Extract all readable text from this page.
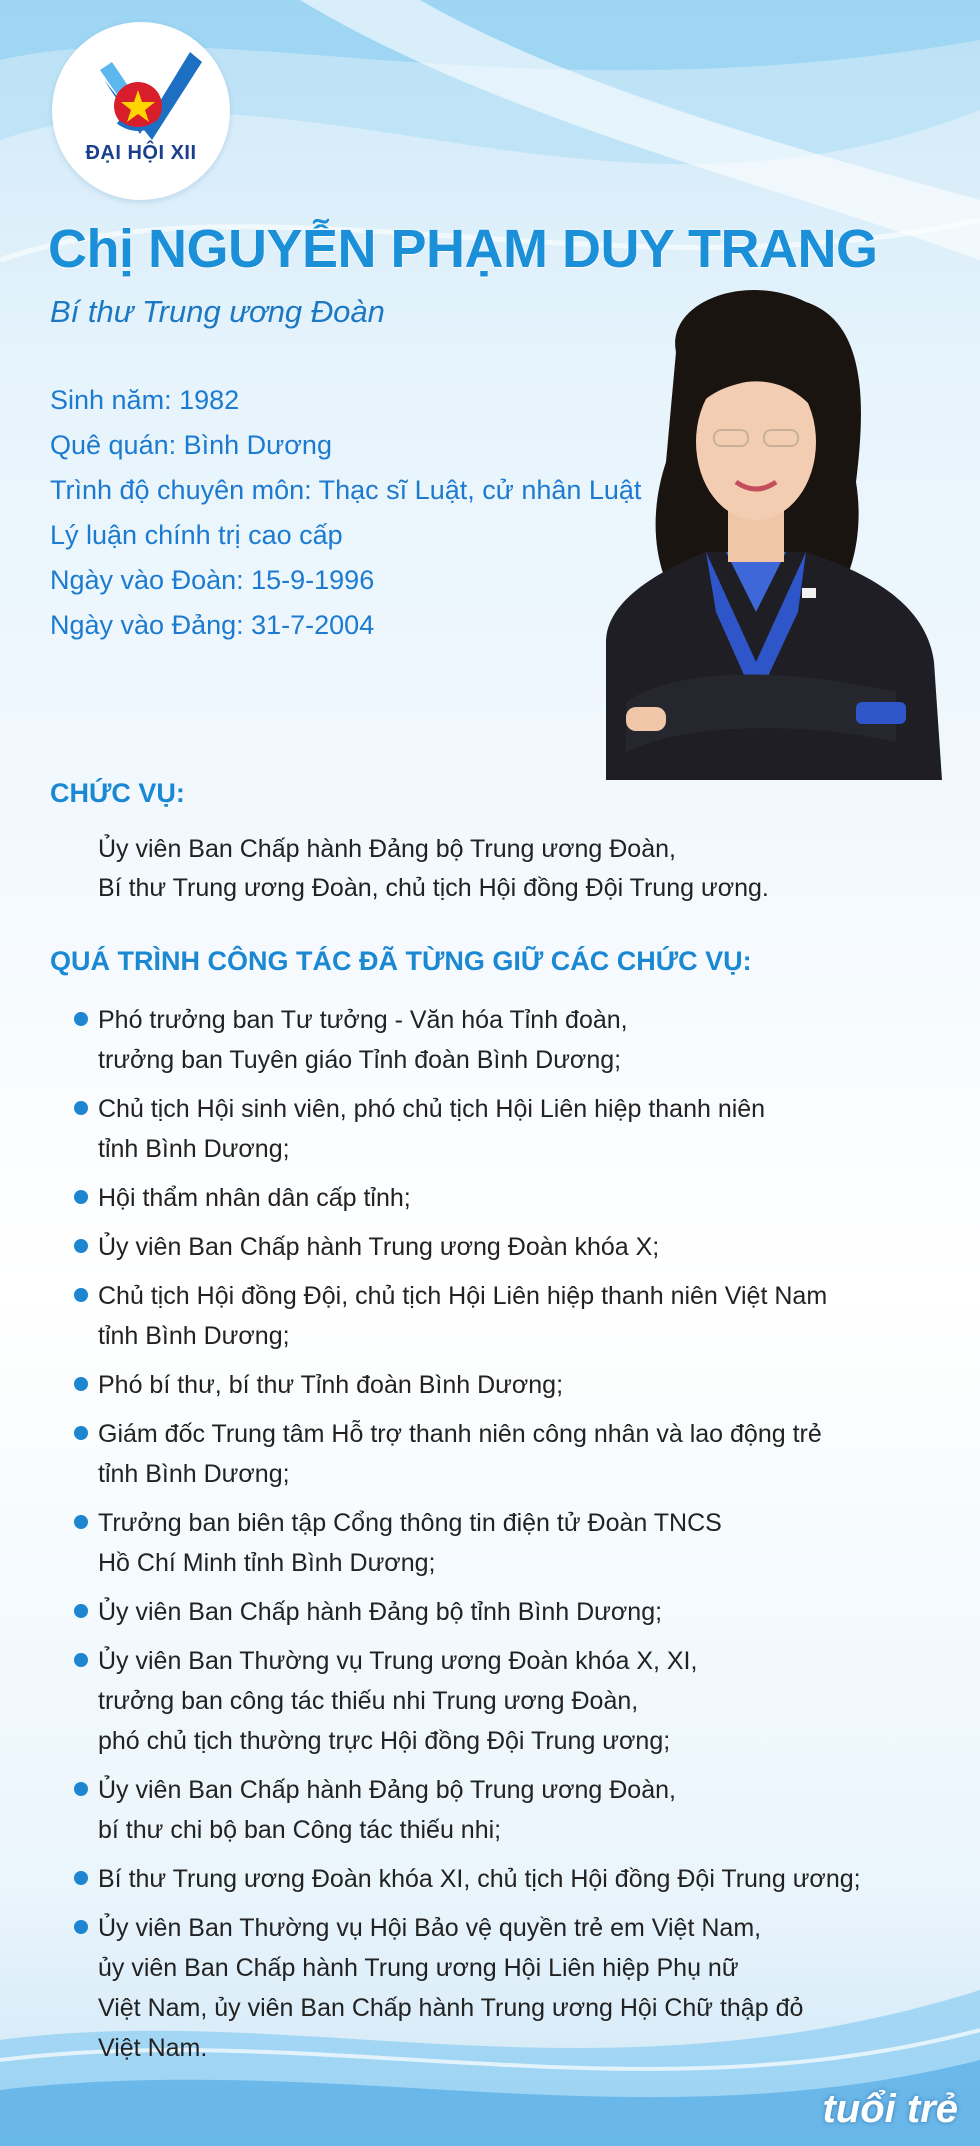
ĐẠI HỘI XII
Chị NGUYỄN PHẠM DUY TRANG
Bí thư Trung ương Đoàn
Sinh năm: 1982
Quê quán: Bình Dương
Trình độ chuyên môn: Thạc sĩ Luật, cử nhân Luật
Lý luận chính trị cao cấp
Ngày vào Đoàn: 15-9-1996
Ngày vào Đảng: 31-7-2004
CHỨC VỤ:
Ủy viên Ban Chấp hành Đảng bộ Trung ương Đoàn,
Bí thư Trung ương Đoàn, chủ tịch Hội đồng Đội Trung ương.
QUÁ TRÌNH CÔNG TÁC ĐÃ TỪNG GIỮ CÁC CHỨC VỤ:
Phó trưởng ban Tư tưởng - Văn hóa Tỉnh đoàn,
trưởng ban Tuyên giáo Tỉnh đoàn Bình Dương;
Chủ tịch Hội sinh viên, phó chủ tịch Hội Liên hiệp thanh niên
tỉnh Bình Dương;
Hội thẩm nhân dân cấp tỉnh;
Ủy viên Ban Chấp hành Trung ương Đoàn khóa X;
Chủ tịch Hội đồng Đội, chủ tịch Hội Liên hiệp thanh niên Việt Nam
tỉnh Bình Dương;
Phó bí thư, bí thư Tỉnh đoàn Bình Dương;
Giám đốc Trung tâm Hỗ trợ thanh niên công nhân và lao động trẻ
tỉnh Bình Dương;
Trưởng ban biên tập Cổng thông tin điện tử Đoàn TNCS
Hồ Chí Minh tỉnh Bình Dương;
Ủy viên Ban Chấp hành Đảng bộ tỉnh Bình Dương;
Ủy viên Ban Thường vụ Trung ương Đoàn khóa X, XI,
trưởng ban công tác thiếu nhi Trung ương Đoàn,
phó chủ tịch thường trực Hội đồng Đội Trung ương;
Ủy viên Ban Chấp hành Đảng bộ Trung ương Đoàn,
bí thư chi bộ ban Công tác thiếu nhi;
Bí thư Trung ương Đoàn khóa XI, chủ tịch Hội đồng Đội Trung ương;
Ủy viên Ban Thường vụ Hội Bảo vệ quyền trẻ em Việt Nam,
ủy viên Ban Chấp hành Trung ương Hội Liên hiệp Phụ nữ
Việt Nam, ủy viên Ban Chấp hành Trung ương Hội Chữ thập đỏ
Việt Nam.
tuổi trẻ
